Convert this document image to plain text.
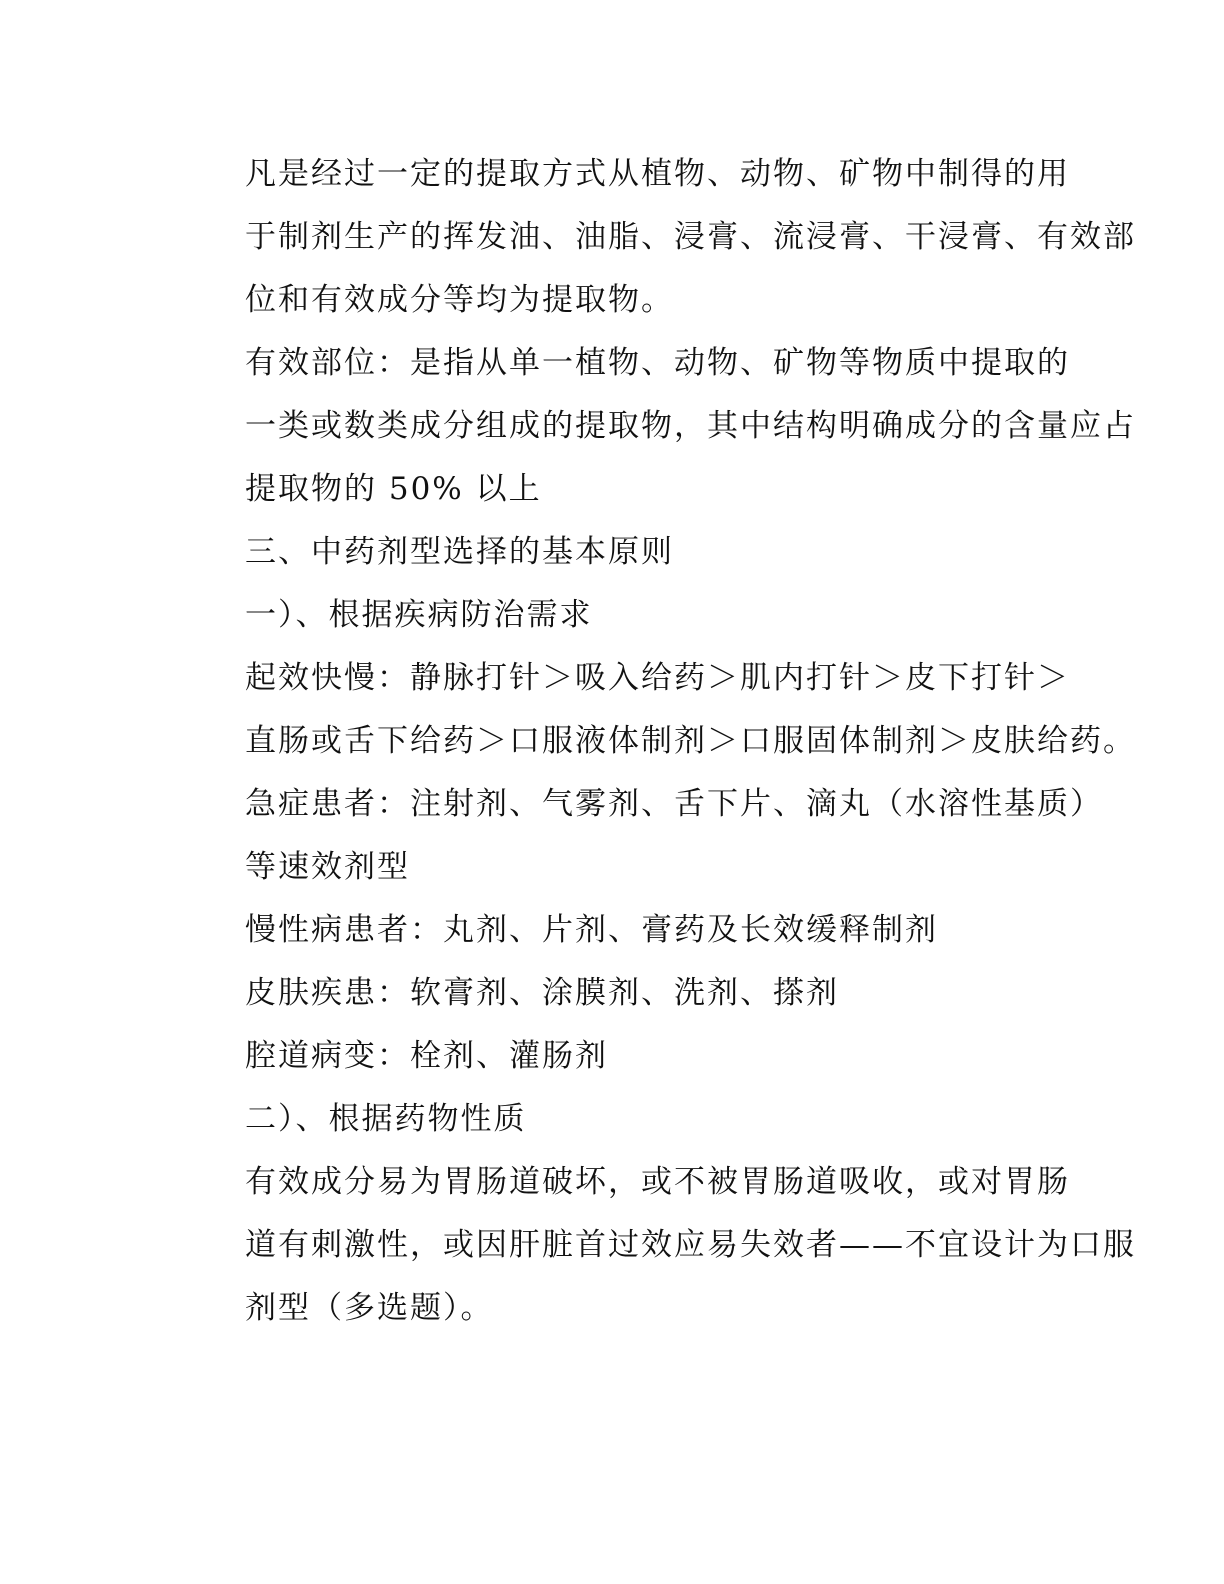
凡是经过一定的提取方式从植物、动物、矿物中制得的用
于制剂生产的挥发油、油脂、浸膏、流浸膏、干浸膏、有效部
位和有效成分等均为提取物。

有效部位：是指从单一植物、动物、矿物等物质中提取的
一类或数类成分组成的提取物，其中结构明确成分的含量应占
提取物的 50% 以上

三、中药剂型选择的基本原则

一）、根据疾病防治需求

起效快慢：静脉打针＞吸入给药＞肌内打针＞皮下打针＞
直肠或舌下给药＞口服液体制剂＞口服固体制剂＞皮肤给药。

急症患者：注射剂、气雾剂、舌下片、滴丸（水溶性基质）
等速效剂型

慢性病患者：丸剂、片剂、膏药及长效缓释制剂

皮肤疾患：软膏剂、涂膜剂、洗剂、搽剂

腔道病变：栓剂、灌肠剂

二）、根据药物性质

有效成分易为胃肠道破坏，或不被胃肠道吸收，或对胃肠
道有刺激性，或因肝脏首过效应易失效者——不宜设计为口服
剂型（多选题）。
